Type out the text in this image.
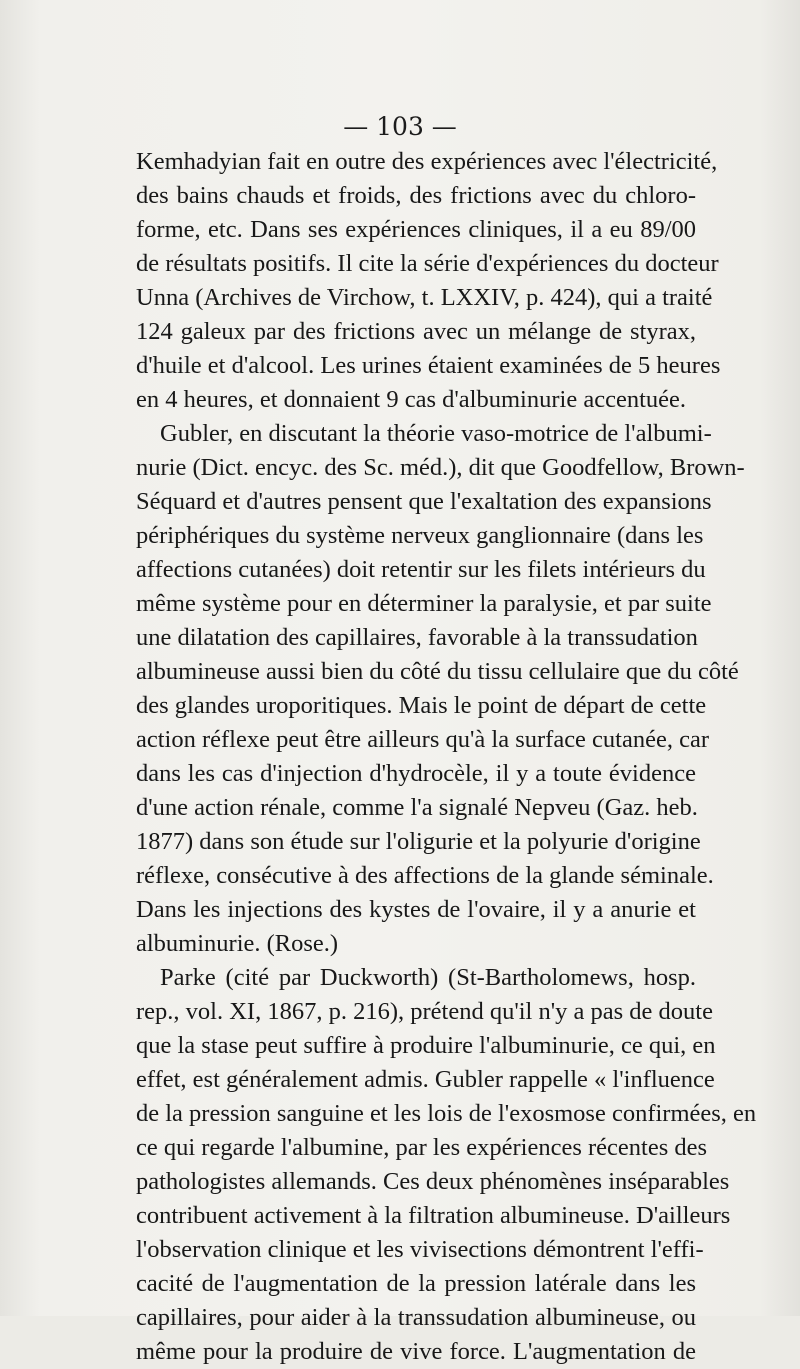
— 103 —
Kemhadyian fait en outre des expériences avec l'électricité,
des bains chauds et froids, des frictions avec du chloro-
forme, etc. Dans ses expériences cliniques, il a eu 89/00
de résultats positifs. Il cite la série d'expériences du docteur
Unna (Archives de Virchow, t. LXXIV, p. 424), qui a traité
124 galeux par des frictions avec un mélange de styrax,
d'huile et d'alcool. Les urines étaient examinées de 5 heures
en 4 heures, et donnaient 9 cas d'albuminurie accentuée.
Gubler, en discutant la théorie vaso-motrice de l'albumi-
nurie (Dict. encyc. des Sc. méd.), dit que Goodfellow, Brown-
Séquard et d'autres pensent que l'exaltation des expansions
périphériques du système nerveux ganglionnaire (dans les
affections cutanées) doit retentir sur les filets intérieurs du
même système pour en déterminer la paralysie, et par suite
une dilatation des capillaires, favorable à la transsudation
albumineuse aussi bien du côté du tissu cellulaire que du côté
des glandes uroporitiques. Mais le point de départ de cette
action réflexe peut être ailleurs qu'à la surface cutanée, car
dans les cas d'injection d'hydrocèle, il y a toute évidence
d'une action rénale, comme l'a signalé Nepveu (Gaz. heb.
1877) dans son étude sur l'oligurie et la polyurie d'origine
réflexe, consécutive à des affections de la glande séminale.
Dans les injections des kystes de l'ovaire, il y a anurie et
albuminurie. (Rose.)
Parke (cité par Duckworth) (St-Bartholomews, hosp.
rep., vol. XI, 1867, p. 216), prétend qu'il n'y a pas de doute
que la stase peut suffire à produire l'albuminurie, ce qui, en
effet, est généralement admis. Gubler rappelle « l'influence
de la pression sanguine et les lois de l'exosmose confirmées, en
ce qui regarde l'albumine, par les expériences récentes des
pathologistes allemands. Ces deux phénomènes inséparables
contribuent activement à la filtration albumineuse. D'ailleurs
l'observation clinique et les vivisections démontrent l'effi-
cacité de l'augmentation de la pression latérale dans les
capillaires, pour aider à la transsudation albumineuse, ou
même pour la produire de vive force. L'augmentation de
